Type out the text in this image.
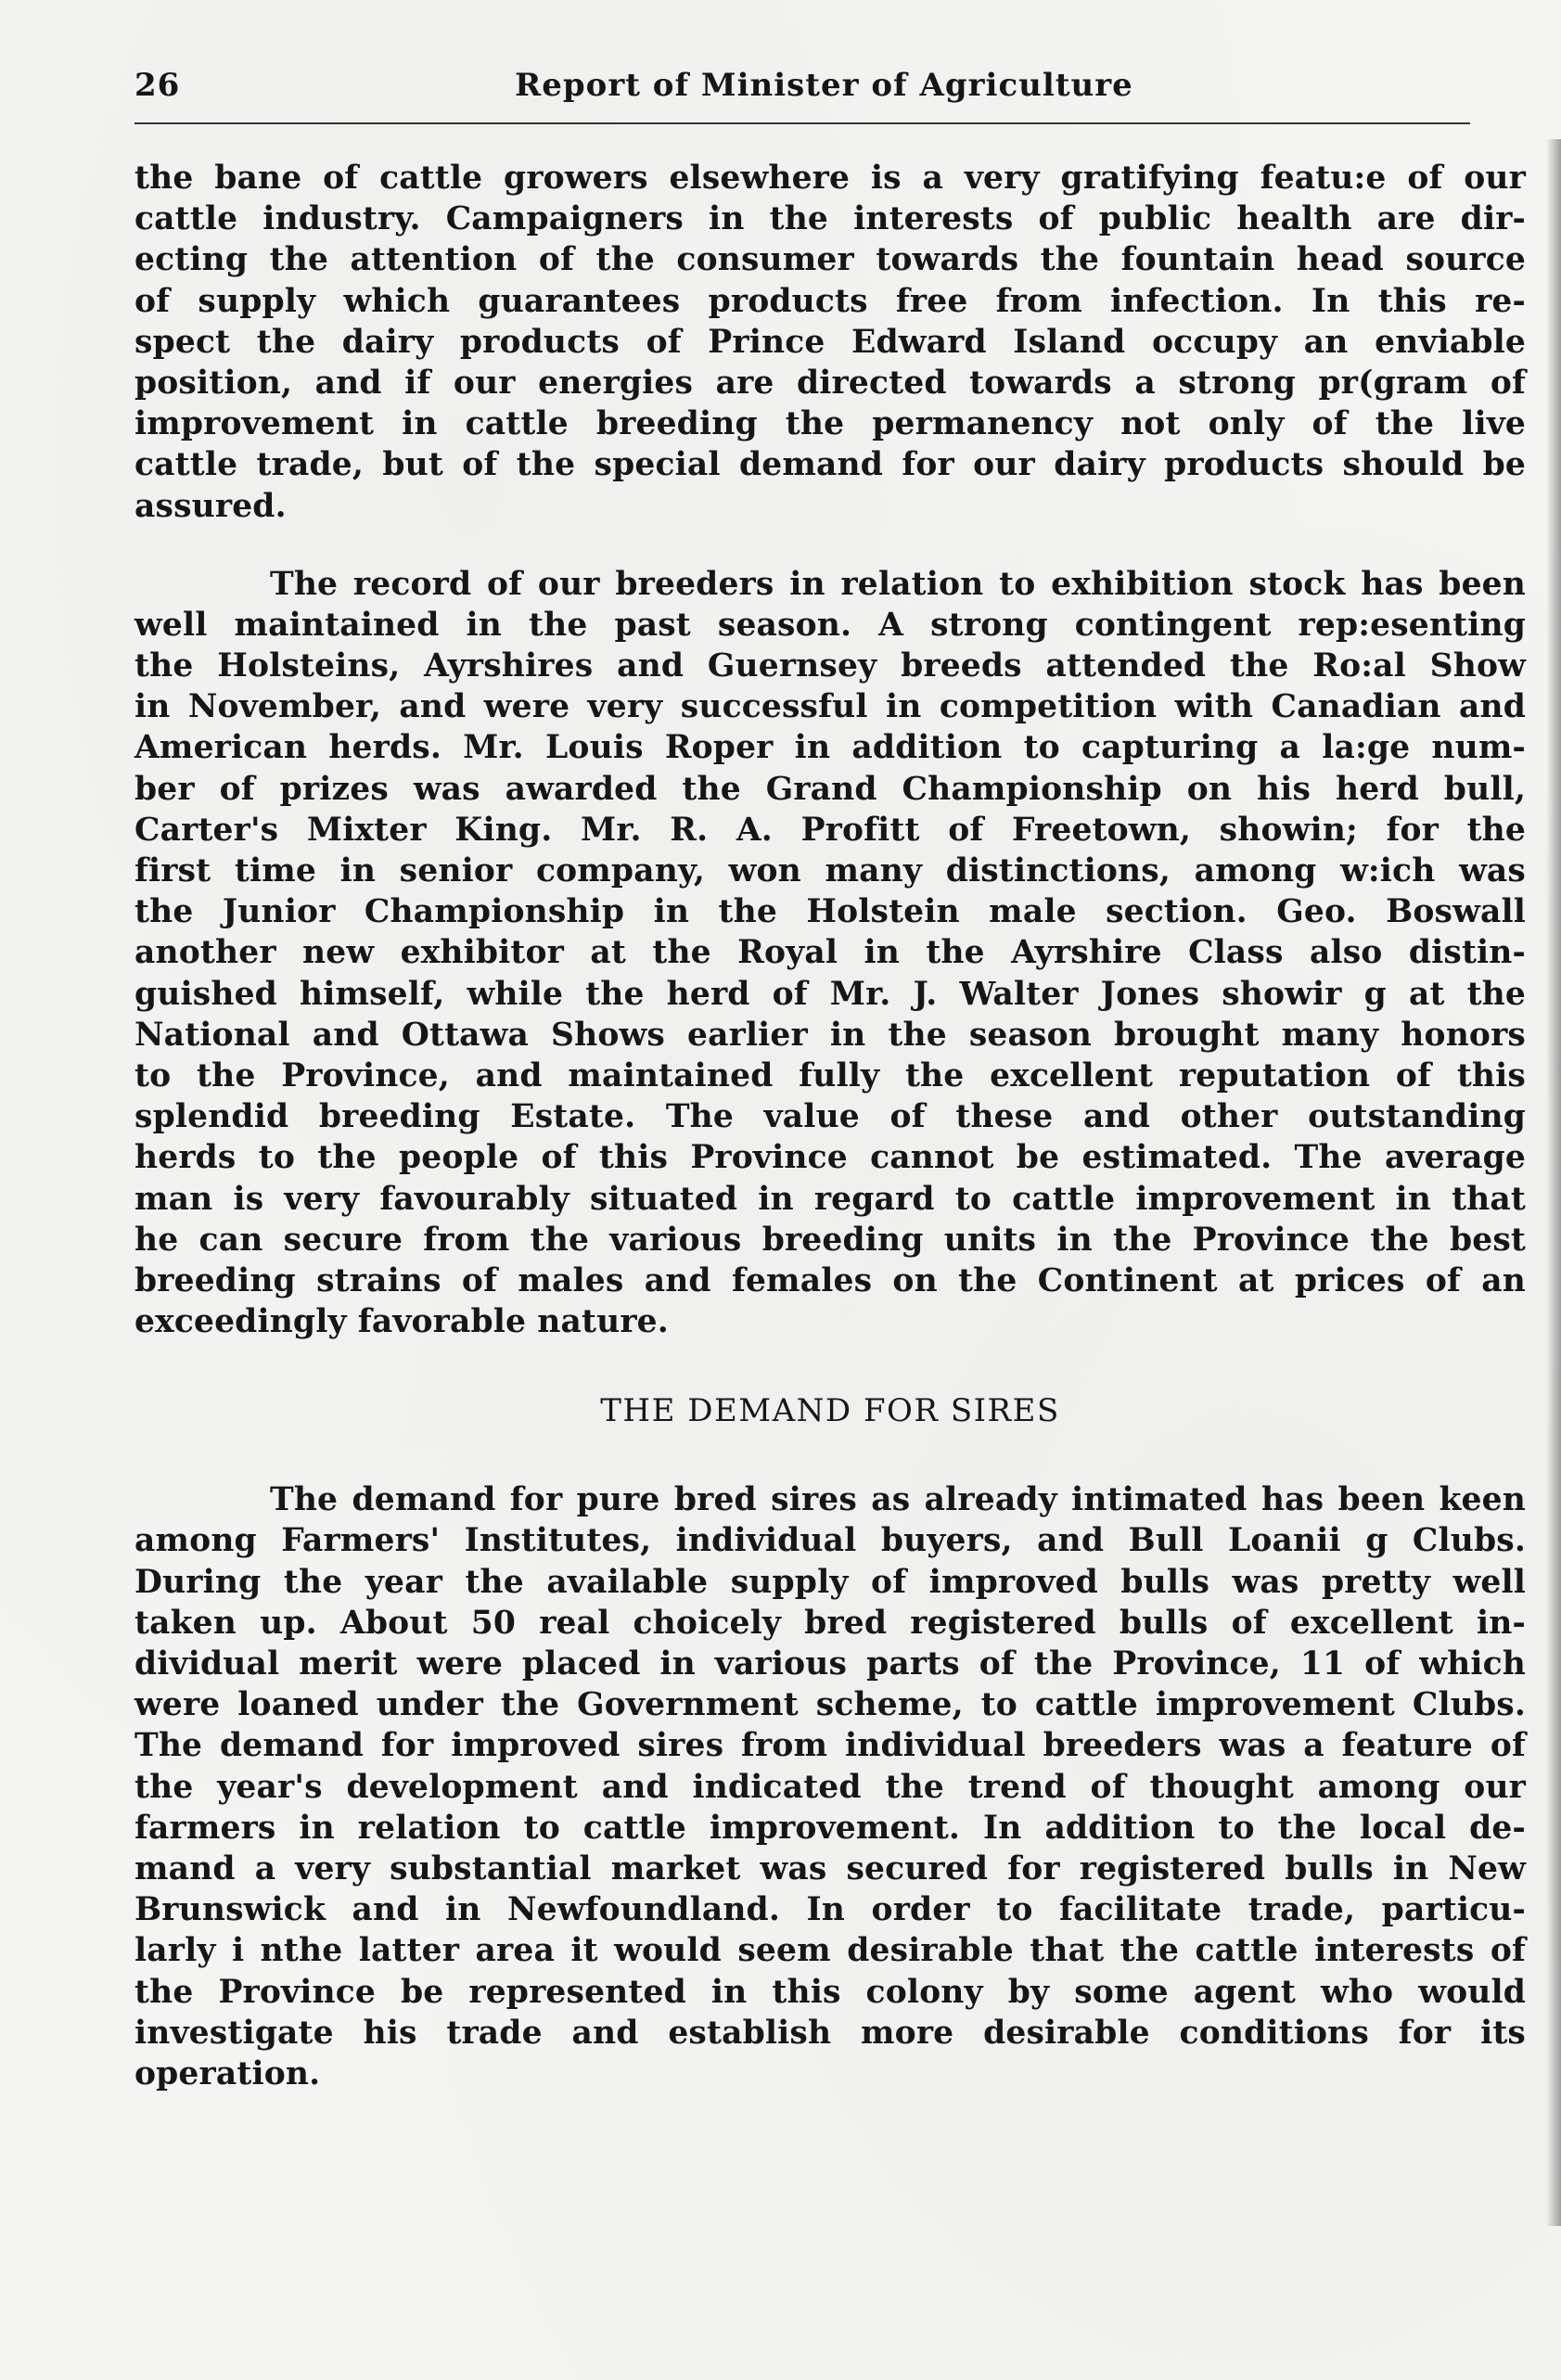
26	Report of Minister of Agriculture

the bane of cattle growers elsewhere is a very gratifying featu:e of our
cattle industry. Campaigners in the interests of public health are dir-
ecting the attention of the consumer towards the fountain head source
of supply which guarantees products free from infection. In this re-
spect the dairy products of Prince Edward Island occupy an enviable
position, and if our energies are directed towards a strong pr(gram of
improvement in cattle breeding the permanency not only of the live
cattle trade, but of the special demand for our dairy products should be
assured.

The record of our breeders in relation to exhibition stock has been
well maintained in the past season. A strong contingent rep:esenting
the Holsteins, Ayrshires and Guernsey breeds attended the Ro:al Show
in November, and were very successful in competition with Canadian and
American herds. Mr. Louis Roper in addition to capturing a la:ge num-
ber of prizes was awarded the Grand Championship on his herd bull,
Carter's Mixter King. Mr. R. A. Profitt of Freetown, showin; for the
first time in senior company, won many distinctions, among w:ich was
the Junior Championship in the Holstein male section. Geo. Boswall
another new exhibitor at the Royal in the Ayrshire Class also distin-
guished himself, while the herd of Mr. J. Walter Jones showir g at the
National and Ottawa Shows earlier in the season brought many honors
to the Province, and maintained fully the excellent reputation of this
splendid breeding Estate. The value of these and other outstanding
herds to the people of this Province cannot be estimated. The average
man is very favourably situated in regard to cattle improvement in that
he can secure from the various breeding units in the Province the best
breeding strains of males and females on the Continent at prices of an
exceedingly favorable nature.

THE DEMAND FOR SIRES

The demand for pure bred sires as already intimated has been keen
among Farmers' Institutes, individual buyers, and Bull Loanii g Clubs.
During the year the available supply of improved bulls was pretty well
taken up. About 50 real choicely bred registered bulls of excellent in-
dividual merit were placed in various parts of the Province, 11 of which
were loaned under the Government scheme, to cattle improvement Clubs.
The demand for improved sires from individual breeders was a feature of
the year's development and indicated the trend of thought among our
farmers in relation to cattle improvement. In addition to the local de-
mand a very substantial market was secured for registered bulls in New
Brunswick and in Newfoundland. In order to facilitate trade, particu-
larly i nthe latter area it would seem desirable that the cattle interests of
the Province be represented in this colony by some agent who would
investigate his trade and establish more desirable conditions for its
operation.
